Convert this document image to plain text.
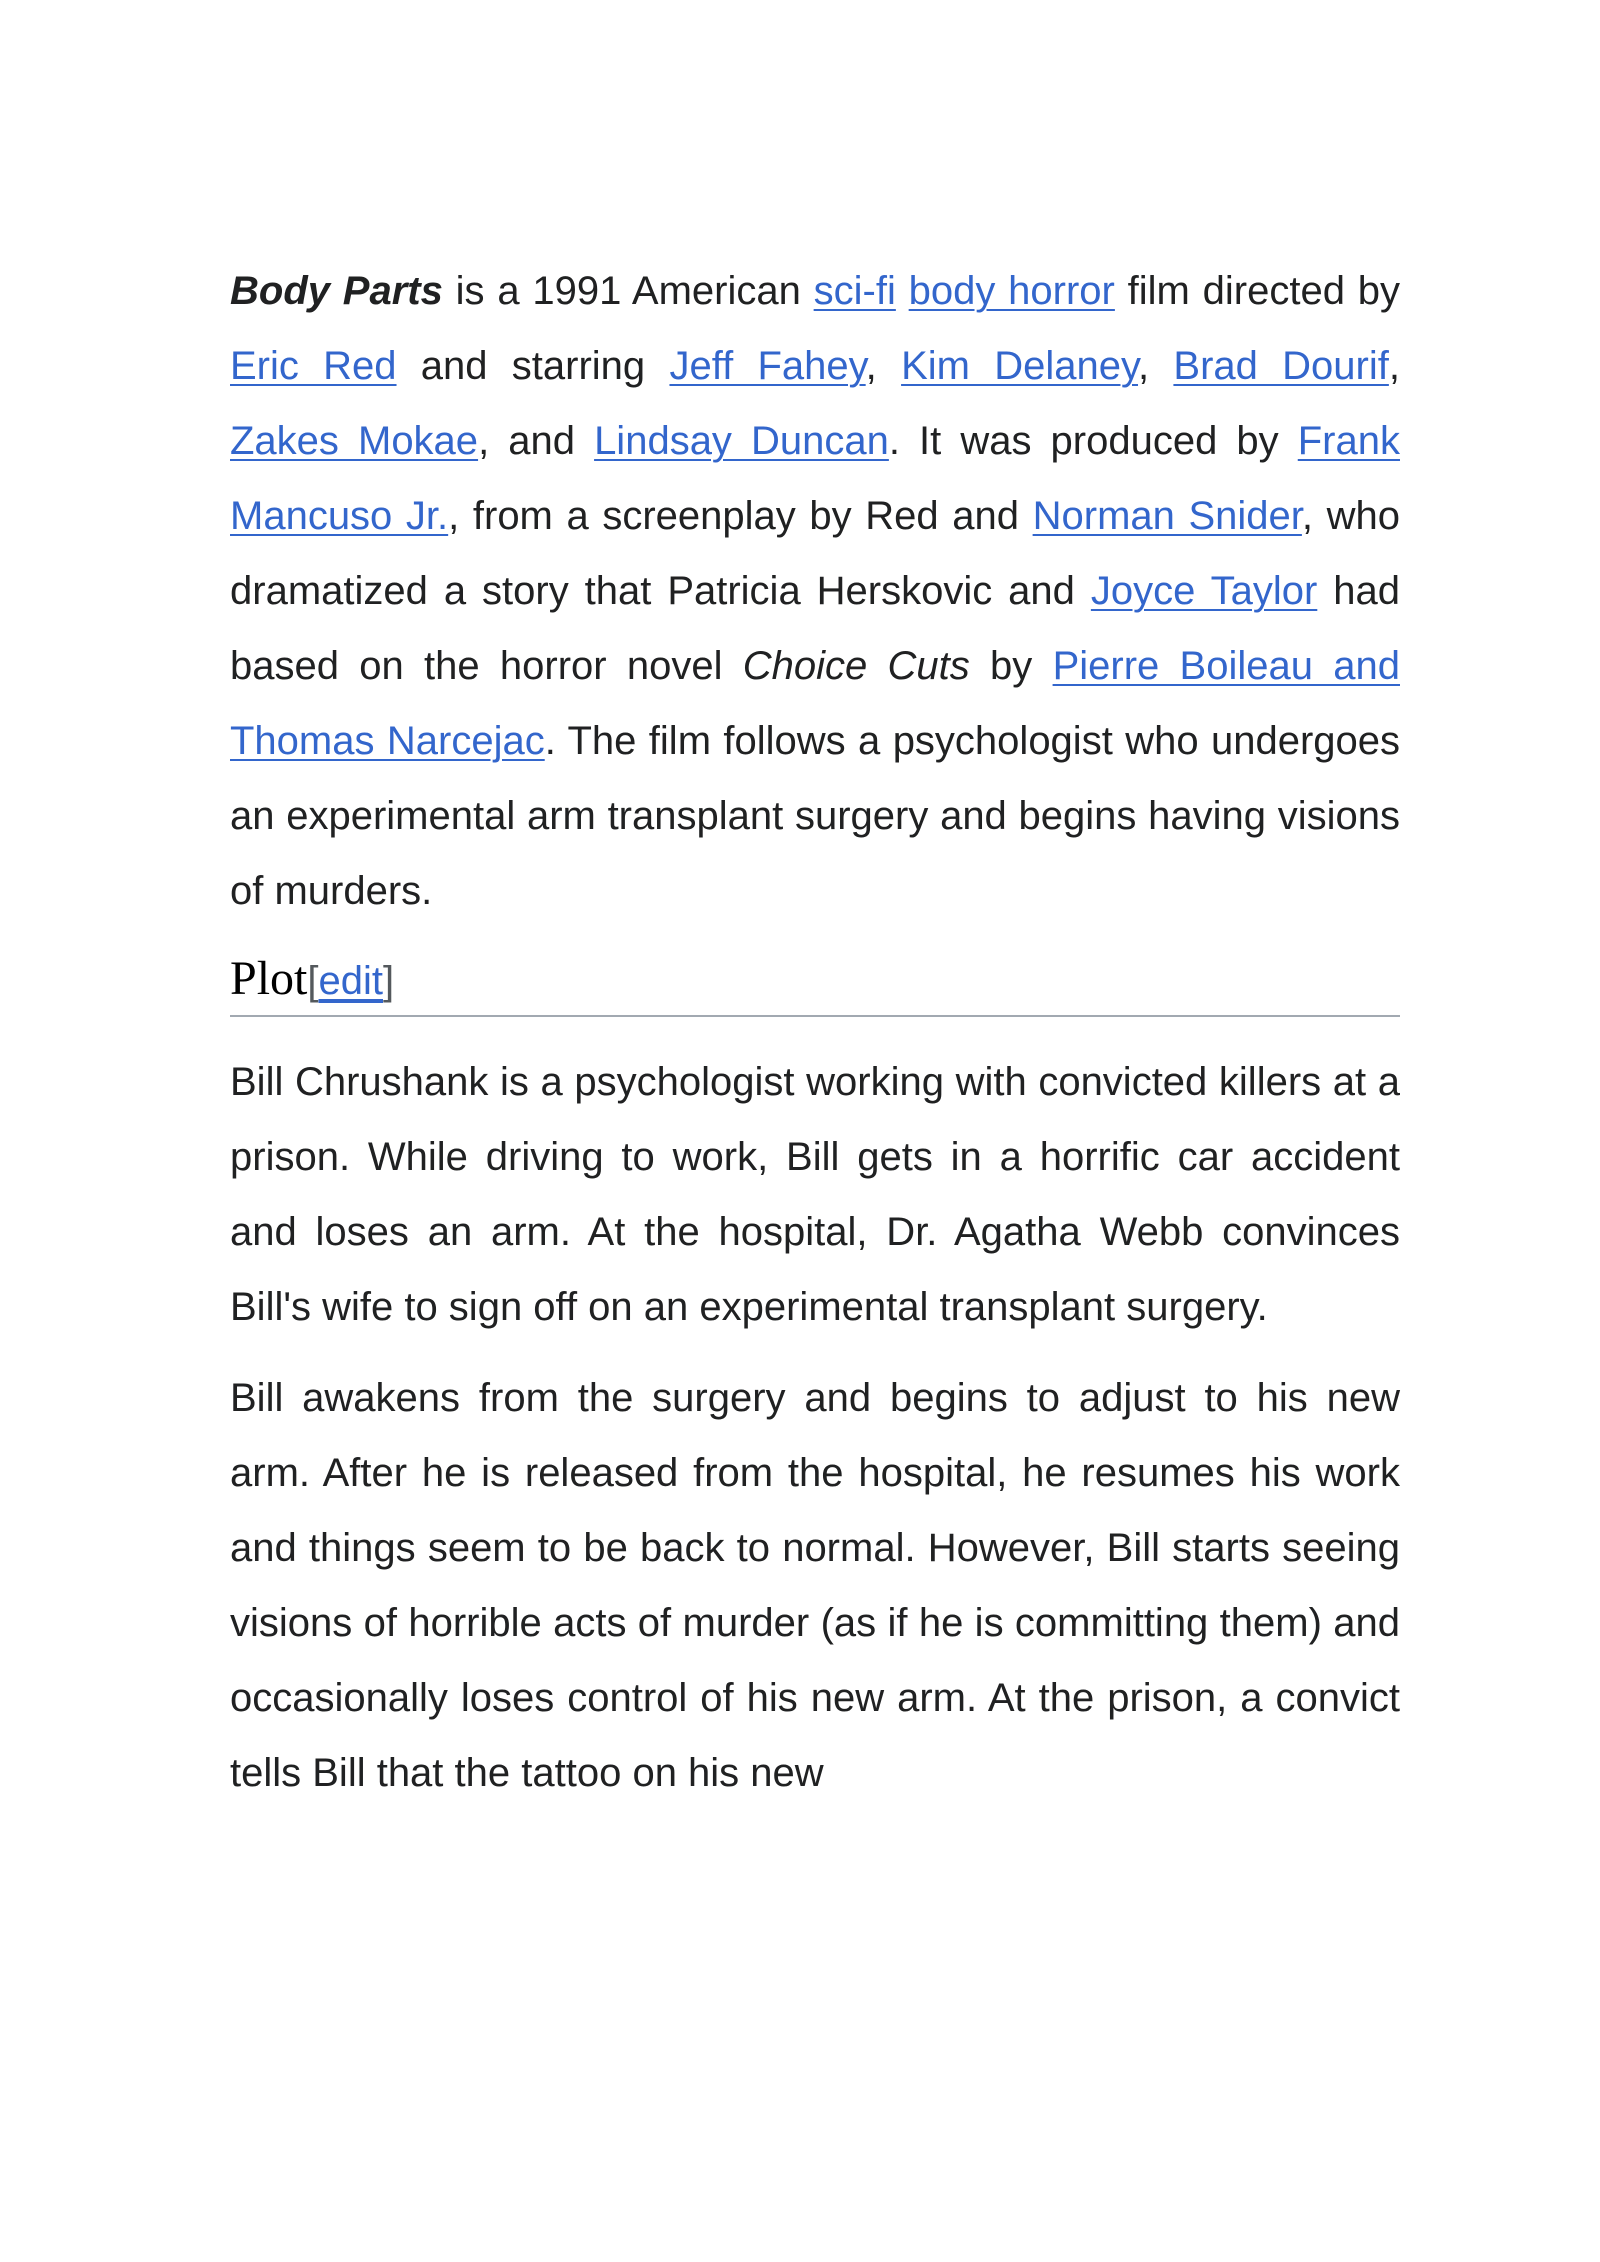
Body Parts is a 1991 American sci-fi body horror film directed by Eric Red and starring Jeff Fahey, Kim Delaney, Brad Dourif, Zakes Mokae, and Lindsay Duncan. It was produced by Frank Mancuso Jr., from a screenplay by Red and Norman Snider, who dramatized a story that Patricia Herskovic and Joyce Taylor had based on the horror novel Choice Cuts by Pierre Boileau and Thomas Narcejac. The film follows a psychologist who undergoes an experimental arm transplant surgery and begins having visions of murders.

Plot[edit]

Bill Chrushank is a psychologist working with convicted killers at a prison. While driving to work, Bill gets in a horrific car accident and loses an arm. At the hospital, Dr. Agatha Webb convinces Bill's wife to sign off on an experimental transplant surgery.

Bill awakens from the surgery and begins to adjust to his new arm. After he is released from the hospital, he resumes his work and things seem to be back to normal. However, Bill starts seeing visions of horrible acts of murder (as if he is committing them) and occasionally loses control of his new arm. At the prison, a convict tells Bill that the tattoo on his new
